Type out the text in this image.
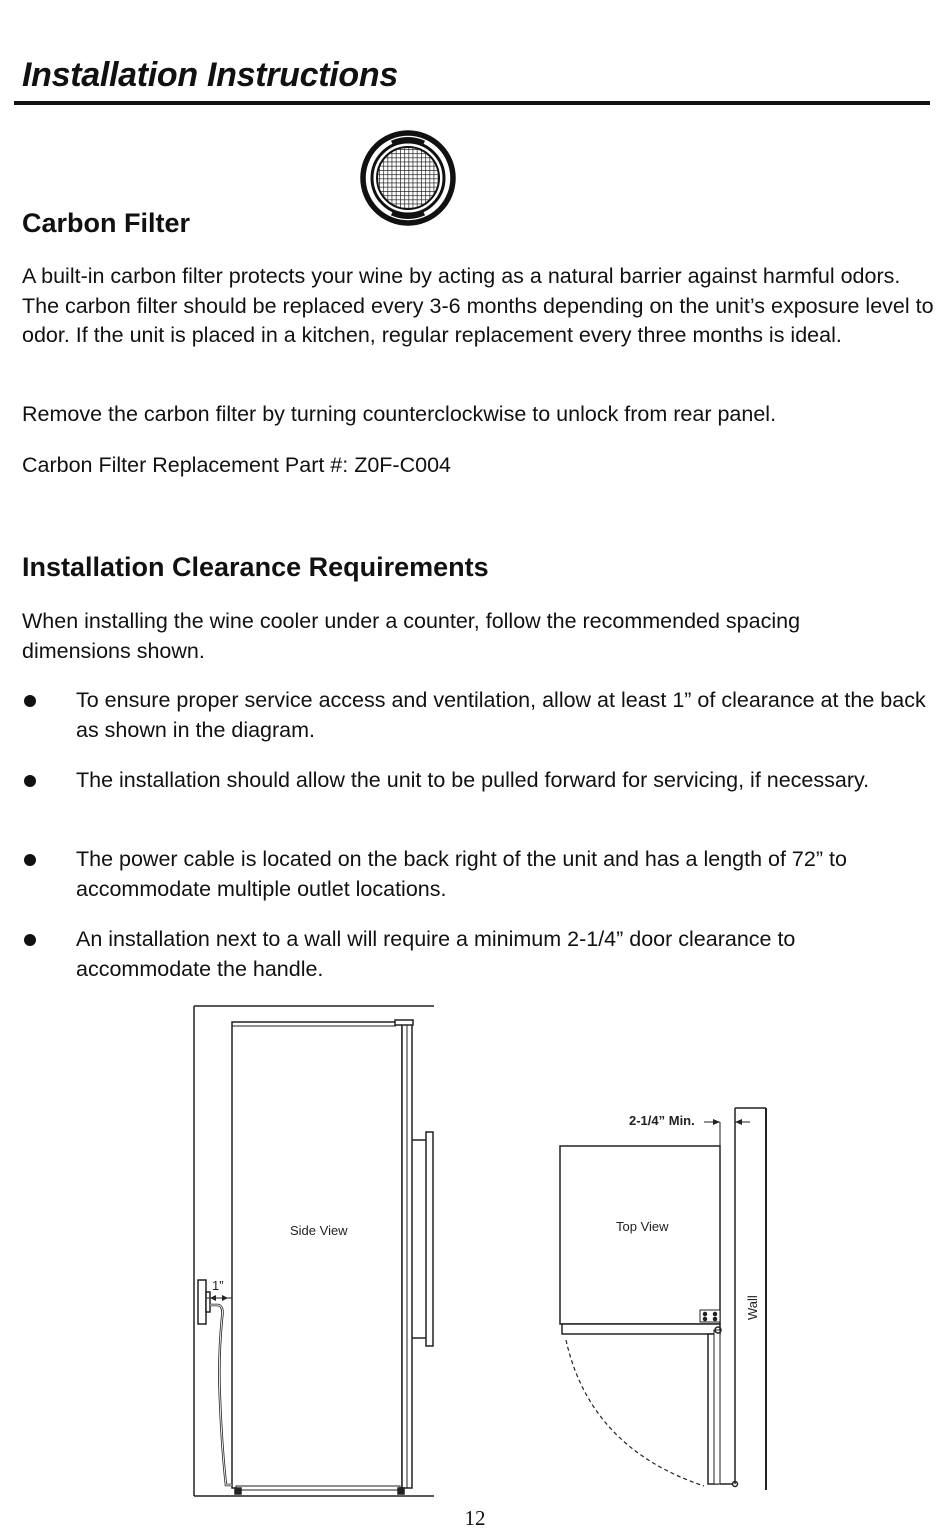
Installation Instructions
Carbon Filter

A built-in carbon filter protects your wine by acting as a natural barrier against harmful odors. The carbon filter should be replaced every 3-6 months depending on the unit’s exposure level to odor. If the unit is placed in a kitchen, regular replacement every three months is ideal.

Remove the carbon filter by turning counterclockwise to unlock from rear panel.

Carbon Filter Replacement Part #: Z0F-C004

Installation Clearance Requirements

When installing the wine cooler under a counter, follow the recommended spacing dimensions shown.

To ensure proper service access and ventilation, allow at least 1” of clearance at the back as shown in the diagram.

The installation should allow the unit to be pulled forward for servicing, if necessary.

The power cable is located on the back right of the unit and has a length of 72” to accommodate multiple outlet locations.

An installation next to a wall will require a minimum 2-1/4” door clearance to accommodate the handle.

Side View
1”
Top View
2-1/4” Min.
Wall
12
